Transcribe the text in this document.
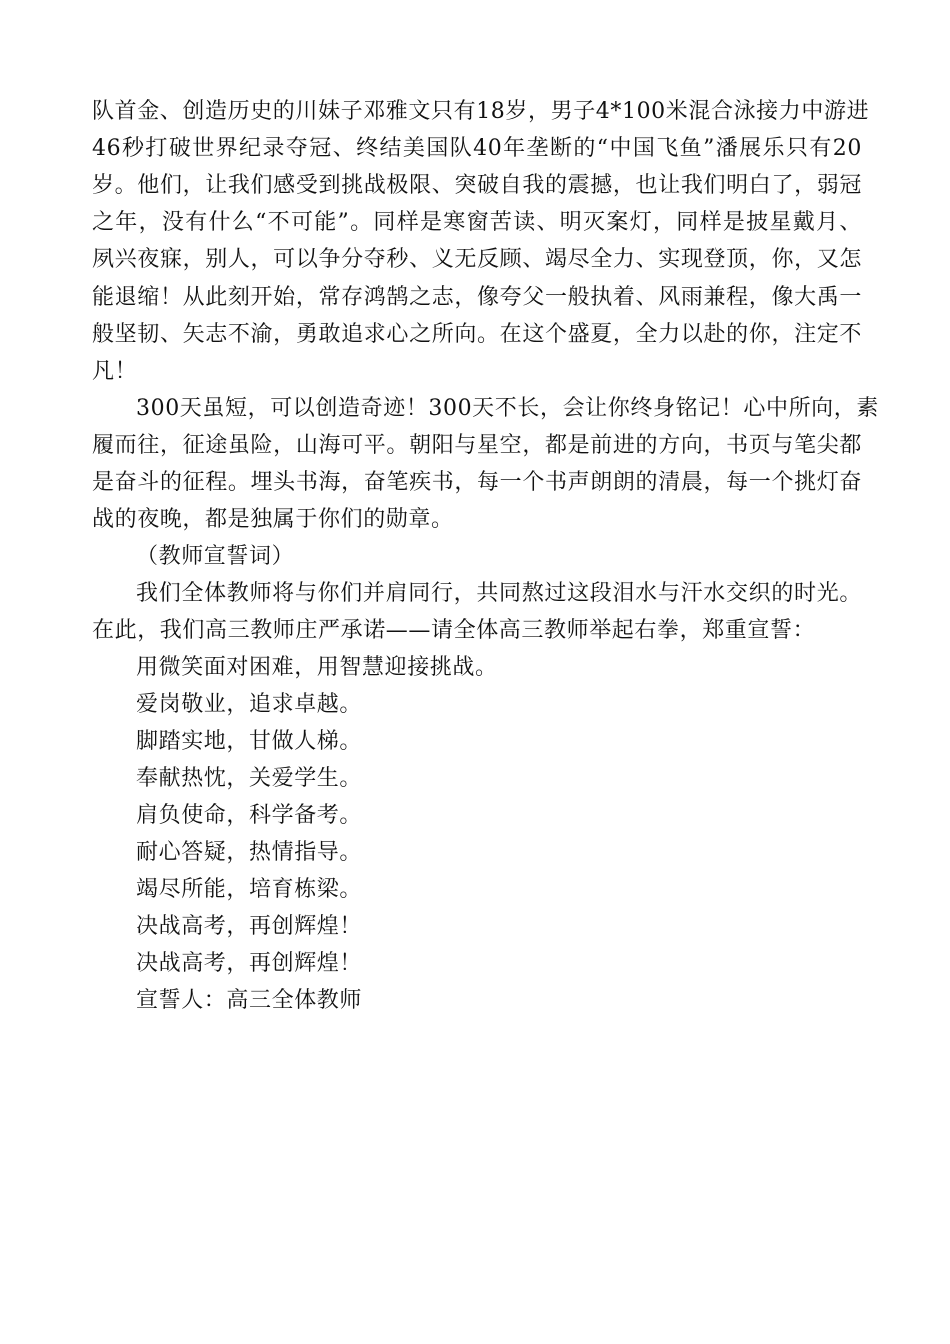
队首金、创造历史的川妹子邓雅文只有18岁，男子4*100米混合泳接力中游进
46秒打破世界纪录夺冠、终结美国队40年垄断的“中国飞鱼”潘展乐只有20
岁。他们，让我们感受到挑战极限、突破自我的震撼，也让我们明白了，弱冠
之年，没有什么“不可能”。同样是寒窗苦读、明灭案灯，同样是披星戴月、
夙兴夜寐，别人，可以争分夺秒、义无反顾、竭尽全力、实现登顶，你，又怎
能退缩！从此刻开始，常存鸿鹄之志，像夸父一般执着、风雨兼程，像大禹一
般坚韧、矢志不渝，勇敢追求心之所向。在这个盛夏，全力以赴的你，注定不
凡！
300天虽短，可以创造奇迹！300天不长，会让你终身铭记！心中所向，素
履而往，征途虽险，山海可平。朝阳与星空，都是前进的方向，书页与笔尖都
是奋斗的征程。埋头书海，奋笔疾书，每一个书声朗朗的清晨，每一个挑灯奋
战的夜晚，都是独属于你们的勋章。
（教师宣誓词）
我们全体教师将与你们并肩同行，共同熬过这段泪水与汗水交织的时光。
在此，我们高三教师庄严承诺——请全体高三教师举起右拳，郑重宣誓：
用微笑面对困难，用智慧迎接挑战。
爱岗敬业，追求卓越。
脚踏实地，甘做人梯。
奉献热忱，关爱学生。
肩负使命，科学备考。
耐心答疑，热情指导。
竭尽所能，培育栋梁。
决战高考，再创辉煌！
决战高考，再创辉煌！
宣誓人：高三全体教师
